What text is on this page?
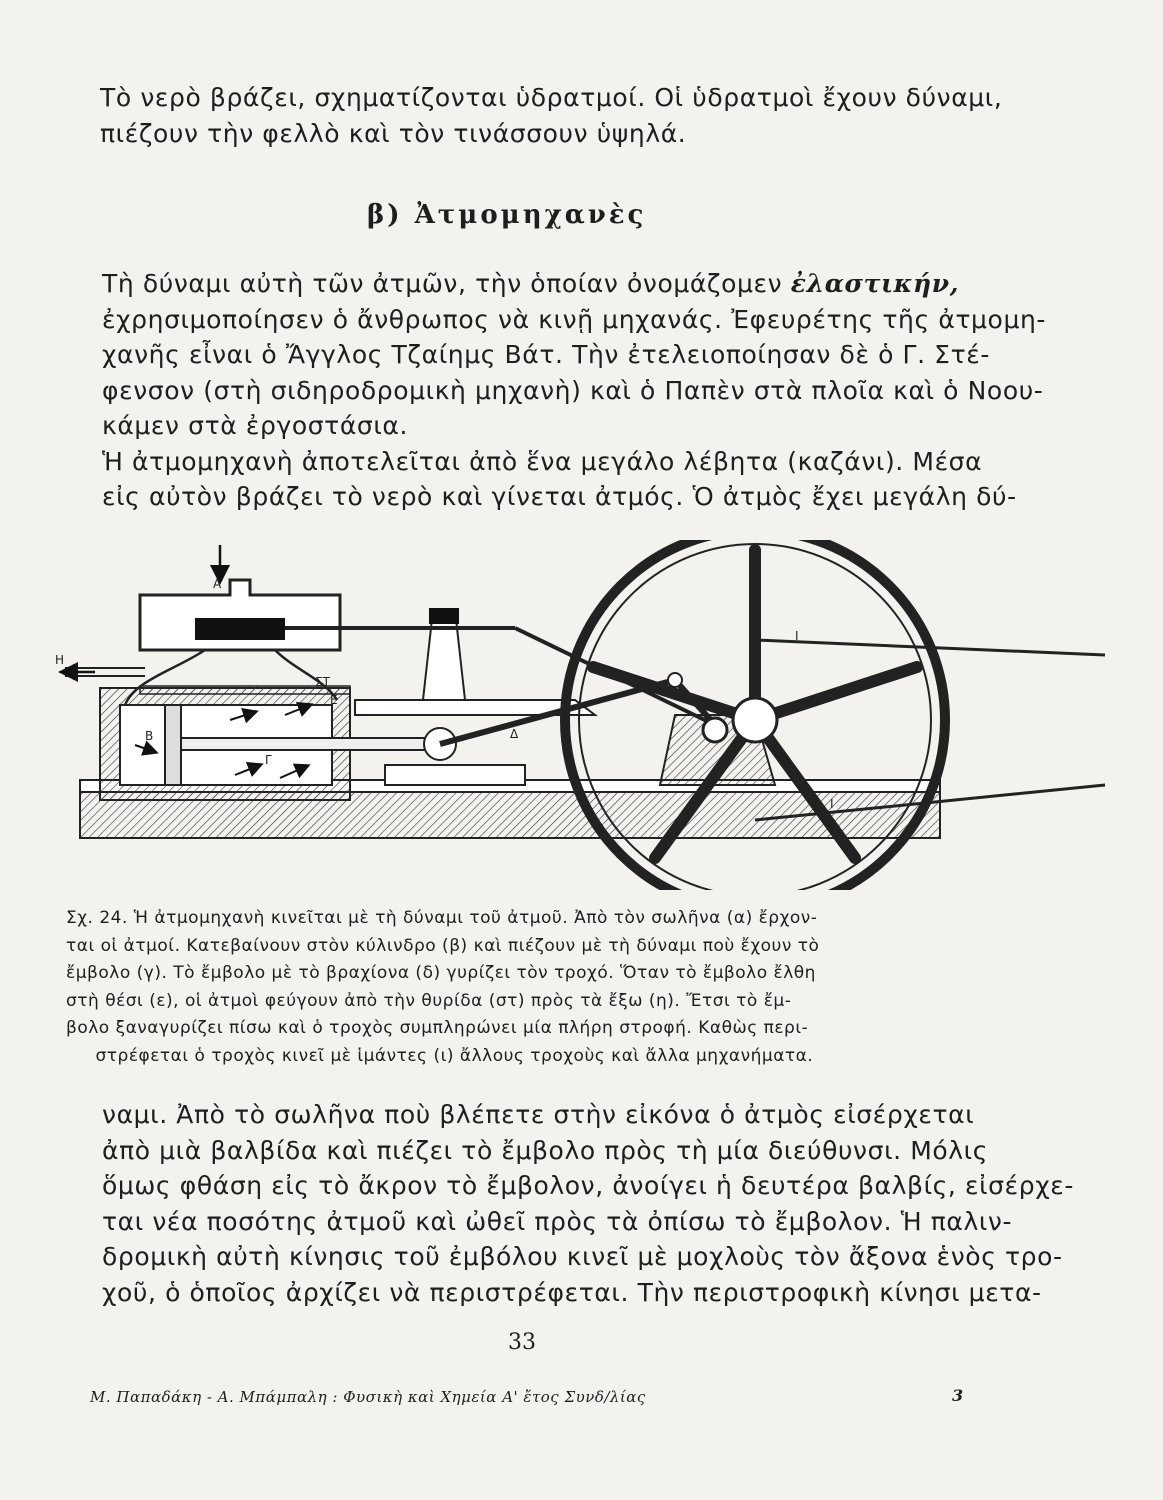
Τὸ νερὸ βράζει, σχηματίζονται ὑδρατμοί. Οἱ ὑδρατμοὶ ἔχουν δύναμι,
πιέζουν τὴν φελλὸ καὶ τὸν τινάσσουν ὑψηλά.
β) Ἀτμομηχανὲς
Τὴ δύναμι αὐτὴ τῶν ἀτμῶν, τὴν ὁποίαν ὀνομάζομεν ἐλαστικήν,
ἐχρησιμοποίησεν ὁ ἄνθρωπος νὰ κινῇ μηχανάς. Ἐφευρέτης τῆς ἀτμομη-
χανῆς εἶναι ὁ Ἄγγλος Τζαίημς Βάτ. Τὴν ἐτελειοποίησαν δὲ ὁ Γ. Στέ-
φενσον (στὴ σιδηροδρομικὴ μηχανὴ) καὶ ὁ Παπὲν στὰ πλοῖα καὶ ὁ Νοου-
κάμεν στὰ ἐργοστάσια.
Ἡ ἀτμομηχανὴ ἀποτελεῖται ἀπὸ ἕνα μεγάλο λέβητα (καζάνι). Μέσα
εἰς αὐτὸν βράζει τὸ νερὸ καὶ γίνεται ἀτμός. Ὁ ἀτμὸς ἔχει μεγάλη δύ-
Α
Β
Γ
Δ
Ε
ΣΤ
Η
Ι
Ι
Σχ. 24. Ἡ ἀτμομηχανὴ κινεῖται μὲ τὴ δύναμι τοῦ ἀτμοῦ. Ἀπὸ τὸν σωλῆνα (α) ἔρχον-
ται οἱ ἀτμοί. Κατεβαίνουν στὸν κύλινδρο (β) καὶ πιέζουν μὲ τὴ δύναμι ποὺ ἔχουν τὸ
ἔμβολο (γ). Τὸ ἔμβολο μὲ τὸ βραχίονα (δ) γυρίζει τὸν τροχό. Ὅταν τὸ ἔμβολο ἔλθη
στὴ θέσι (ε), οἱ ἀτμοὶ φεύγουν ἀπὸ τὴν θυρίδα (στ) πρὸς τὰ ἔξω (η). Ἔτσι τὸ ἔμ-
βολο ξαναγυρίζει πίσω καὶ ὁ τροχὸς συμπληρώνει μία πλήρη στροφή. Καθὼς περι-
στρέφεται ὁ τροχὸς κινεῖ μὲ ἱμάντες (ι) ἄλλους τροχοὺς καὶ ἄλλα μηχανήματα.
ναμι. Ἀπὸ τὸ σωλῆνα ποὺ βλέπετε στὴν εἰκόνα ὁ ἀτμὸς εἰσέρχεται
ἀπὸ μιὰ βαλβίδα καὶ πιέζει τὸ ἔμβολο πρὸς τὴ μία διεύθυνσι. Μόλις
ὅμως φθάση εἰς τὸ ἄκρον τὸ ἔμβολον, ἀνοίγει ἡ δευτέρα βαλβίς, εἰσέρχε-
ται νέα ποσότης ἀτμοῦ καὶ ὠθεῖ πρὸς τὰ ὀπίσω τὸ ἔμβολον. Ἡ παλιν-
δρομικὴ αὐτὴ κίνησις τοῦ ἐμβόλου κινεῖ μὲ μοχλοὺς τὸν ἄξονα ἑνὸς τρο-
χοῦ, ὁ ὁποῖος ἀρχίζει νὰ περιστρέφεται. Τὴν περιστροφικὴ κίνησι μετα-
33
Μ. Παπαδάκη - Α. Μπάμπαλη : Φυσικὴ καὶ Χημεία Α' ἔτος Συνδ/λίας	3
